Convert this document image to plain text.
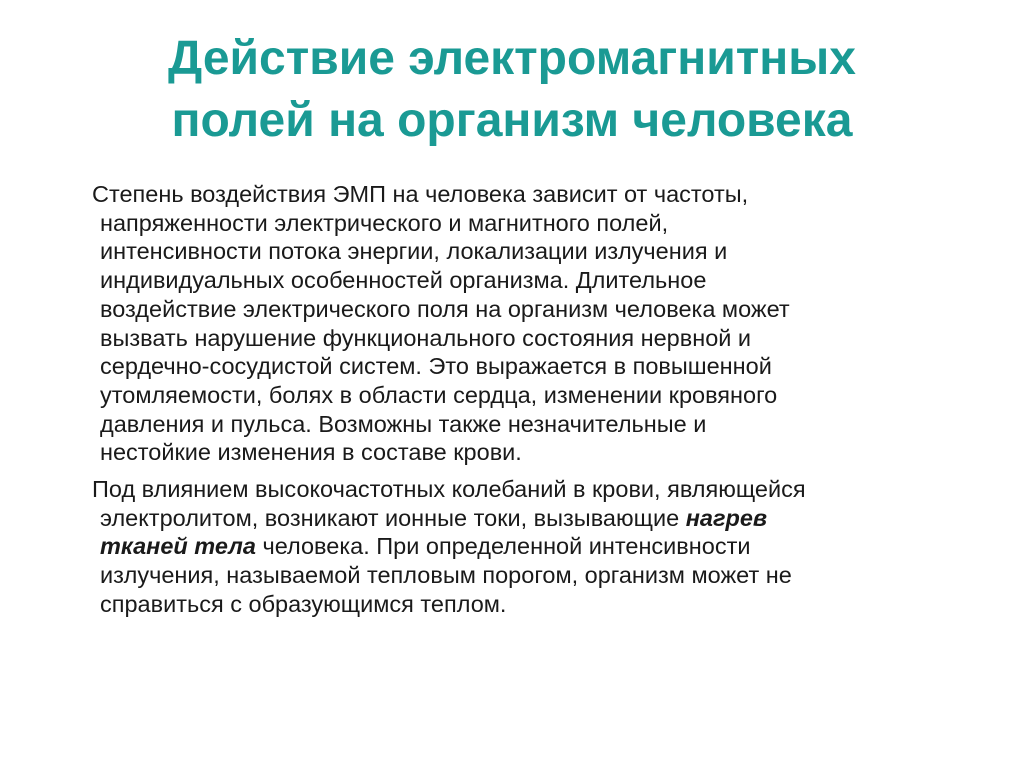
Действие электромагнитных
полей на организм человека

Степень воздействия ЭМП на человека зависит от частоты,
напряженности электрического и магнитного полей,
интенсивности потока энергии, локализации излучения и
индивидуальных особенностей организма. Длительное
воздействие электрического поля на организм человека может
вызвать нарушение функционального состояния нервной и
сердечно-сосудистой систем. Это выражается в повышенной
утомляемости, болях в области сердца, изменении кровяного
давления и пульса. Возможны также незначительные и
нестойкие изменения в составе крови.

Под влиянием высокочастотных колебаний в крови, являющейся
электролитом, возникают ионные токи, вызывающие нагрев
тканей тела человека. При определенной интенсивности
излучения, называемой тепловым порогом, организм может не
справиться с образующимся теплом.
